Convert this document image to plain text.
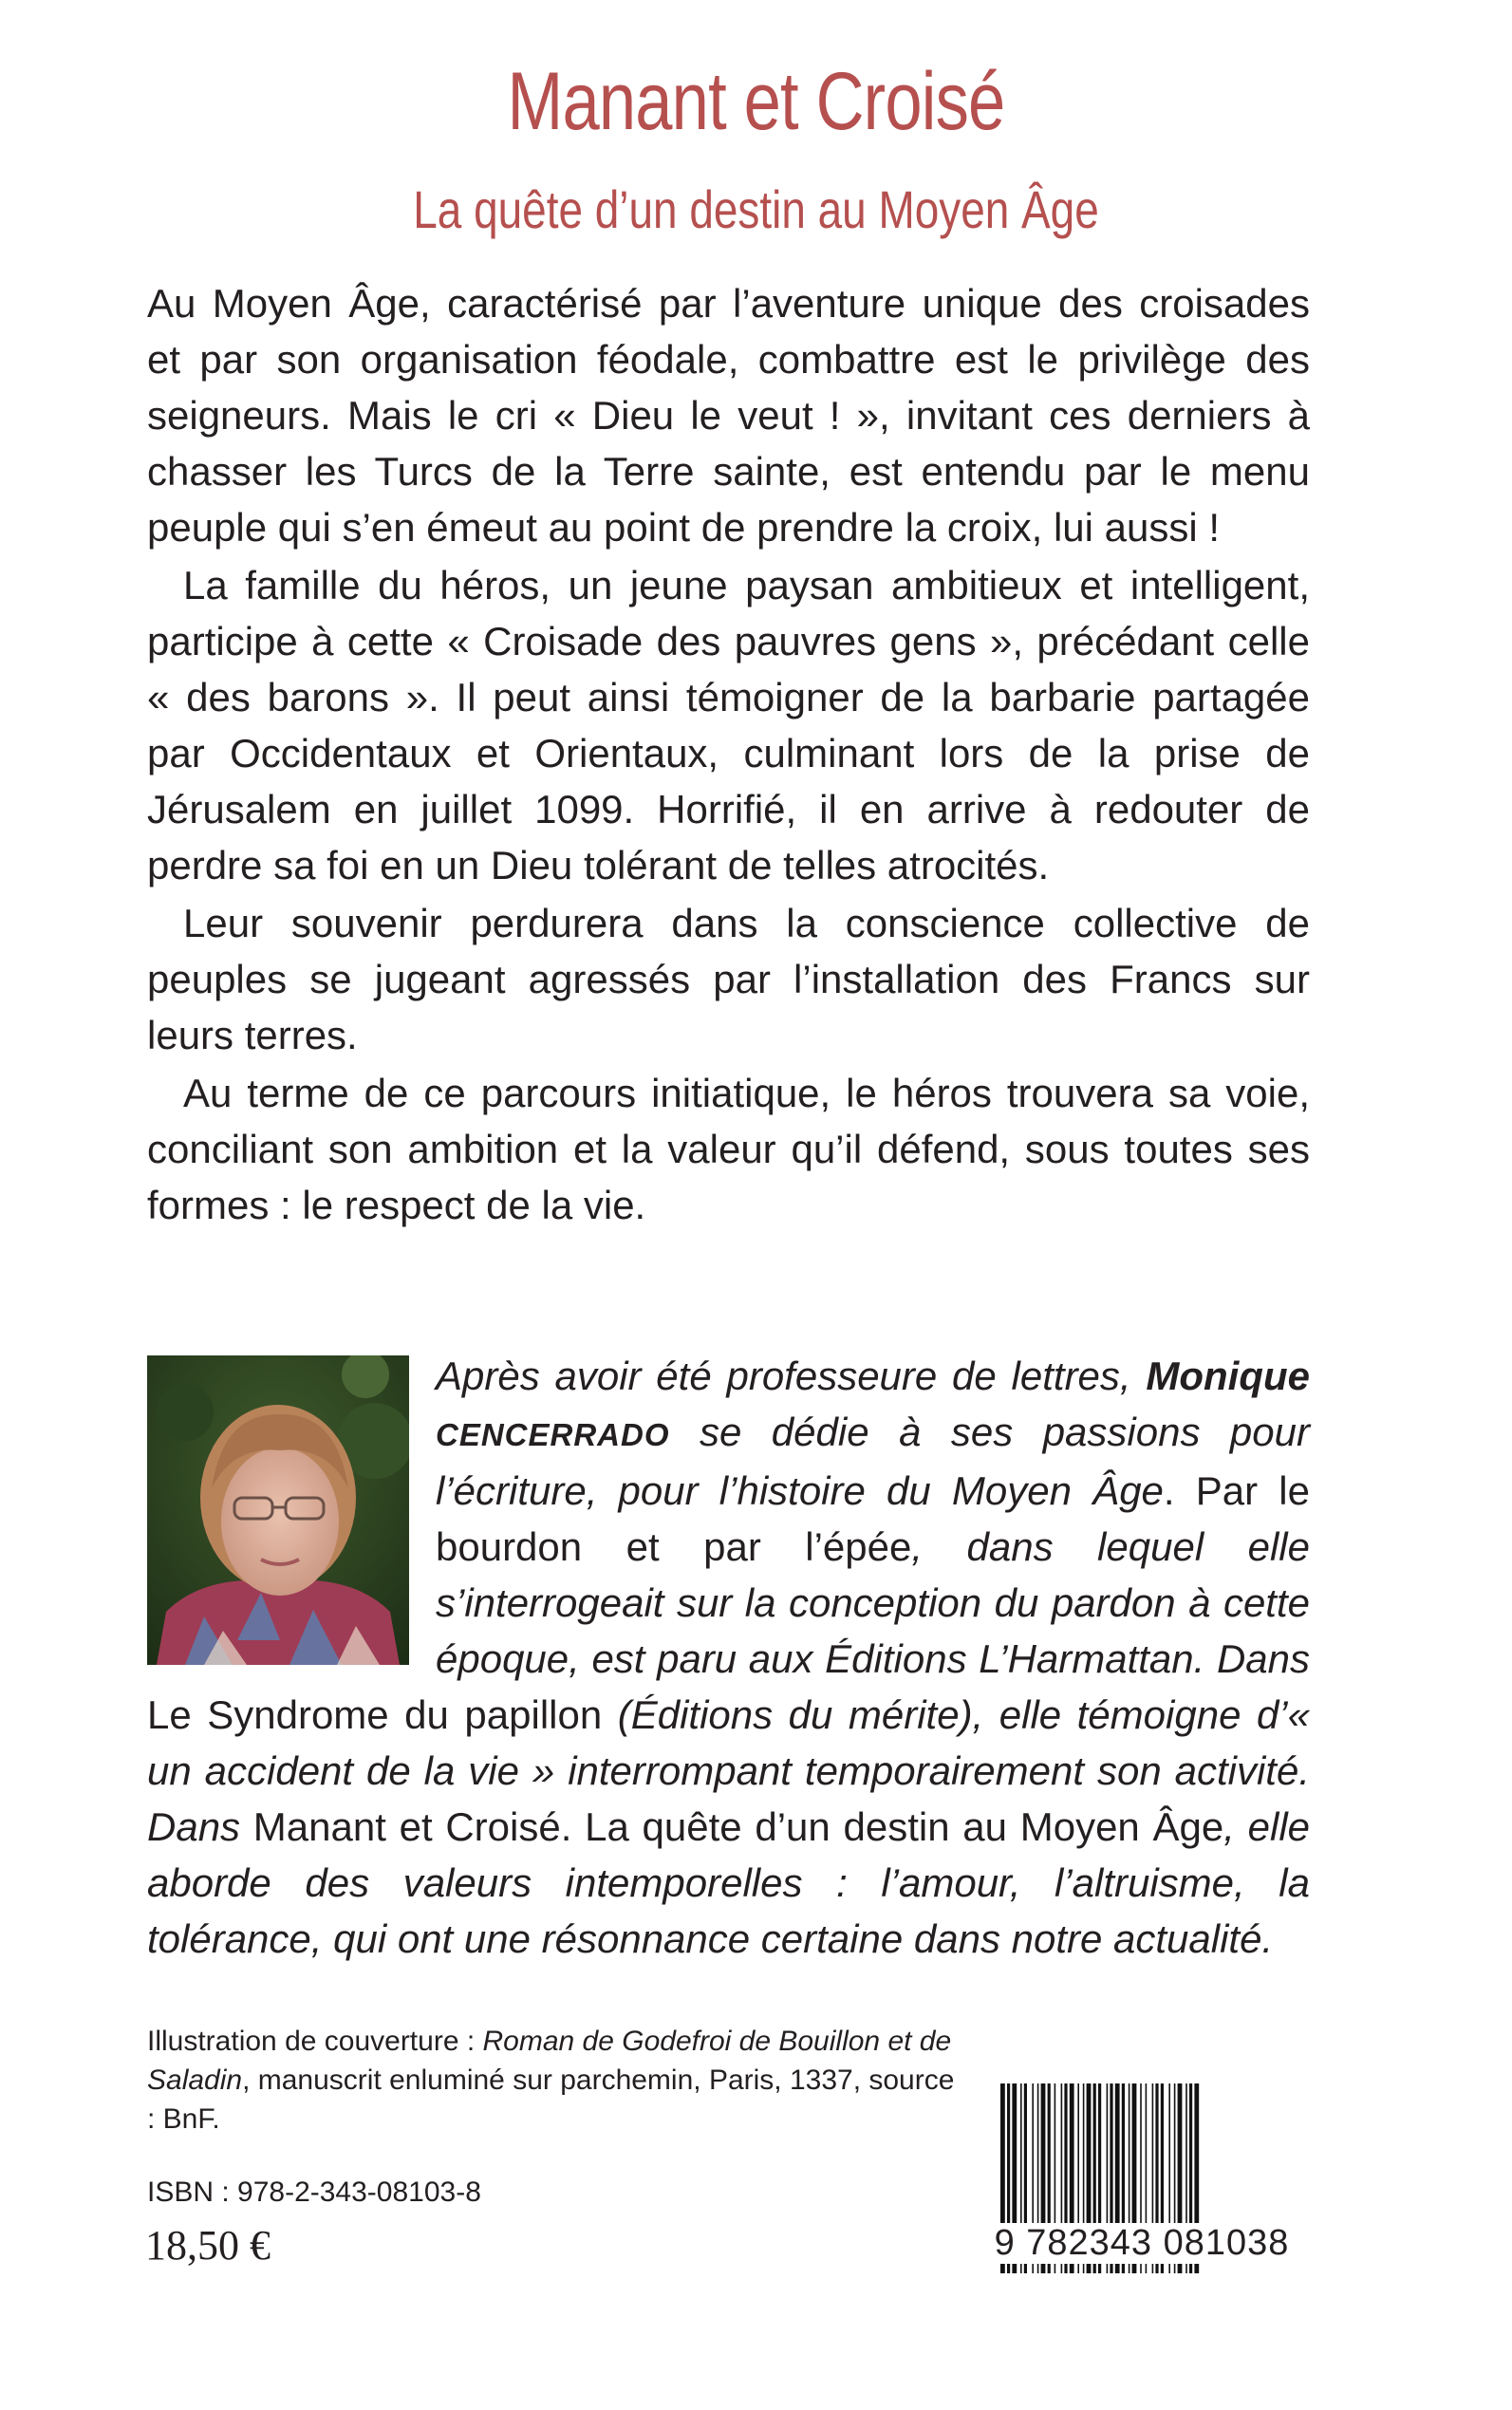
Manant et Croisé
La quête d’un destin au Moyen Âge

Au Moyen Âge, caractérisé par l’aventure unique des croisades et par son organisation féodale, combattre est le privilège des seigneurs. Mais le cri « Dieu le veut ! », invitant ces derniers à chasser les Turcs de la Terre sainte, est entendu par le menu peuple qui s’en émeut au point de prendre la croix, lui aussi !

La famille du héros, un jeune paysan ambitieux et intelligent, participe à cette « Croisade des pauvres gens », précédant celle « des barons ». Il peut ainsi témoigner de la barbarie partagée par Occidentaux et Orientaux, culminant lors de la prise de Jérusalem en juillet 1099. Horrifié, il en arrive à redouter de perdre sa foi en un Dieu tolérant de telles atrocités.

Leur souvenir perdurera dans la conscience collective de peuples se jugeant agressés par l’installation des Francs sur leurs terres.

Au terme de ce parcours initiatique, le héros trouvera sa voie, conciliant son ambition et la valeur qu’il défend, sous toutes ses formes : le respect de la vie.

Après avoir été professeure de lettres, Monique CENCERRADO se dédie à ses passions pour l’écriture, pour l’histoire du Moyen Âge. Par le bourdon et par l’épée, dans lequel elle s’interrogeait sur la conception du pardon à cette époque, est paru aux Éditions L’Harmattan. Dans Le Syndrome du papillon (Éditions du mérite), elle témoigne d’« un accident de la vie » interrompant temporairement son activité. Dans Manant et Croisé. La quête d’un destin au Moyen Âge, elle aborde des valeurs intemporelles : l’amour, l’altruisme, la tolérance, qui ont une résonnance certaine dans notre actualité.
Illustration de couverture : Roman de Godefroi de Bouillon et de Saladin, manuscrit enluminé sur parchemin, Paris, 1337, source : BnF.
ISBN : 978-2-343-08103-8
18,50 €	9 782343 081038
